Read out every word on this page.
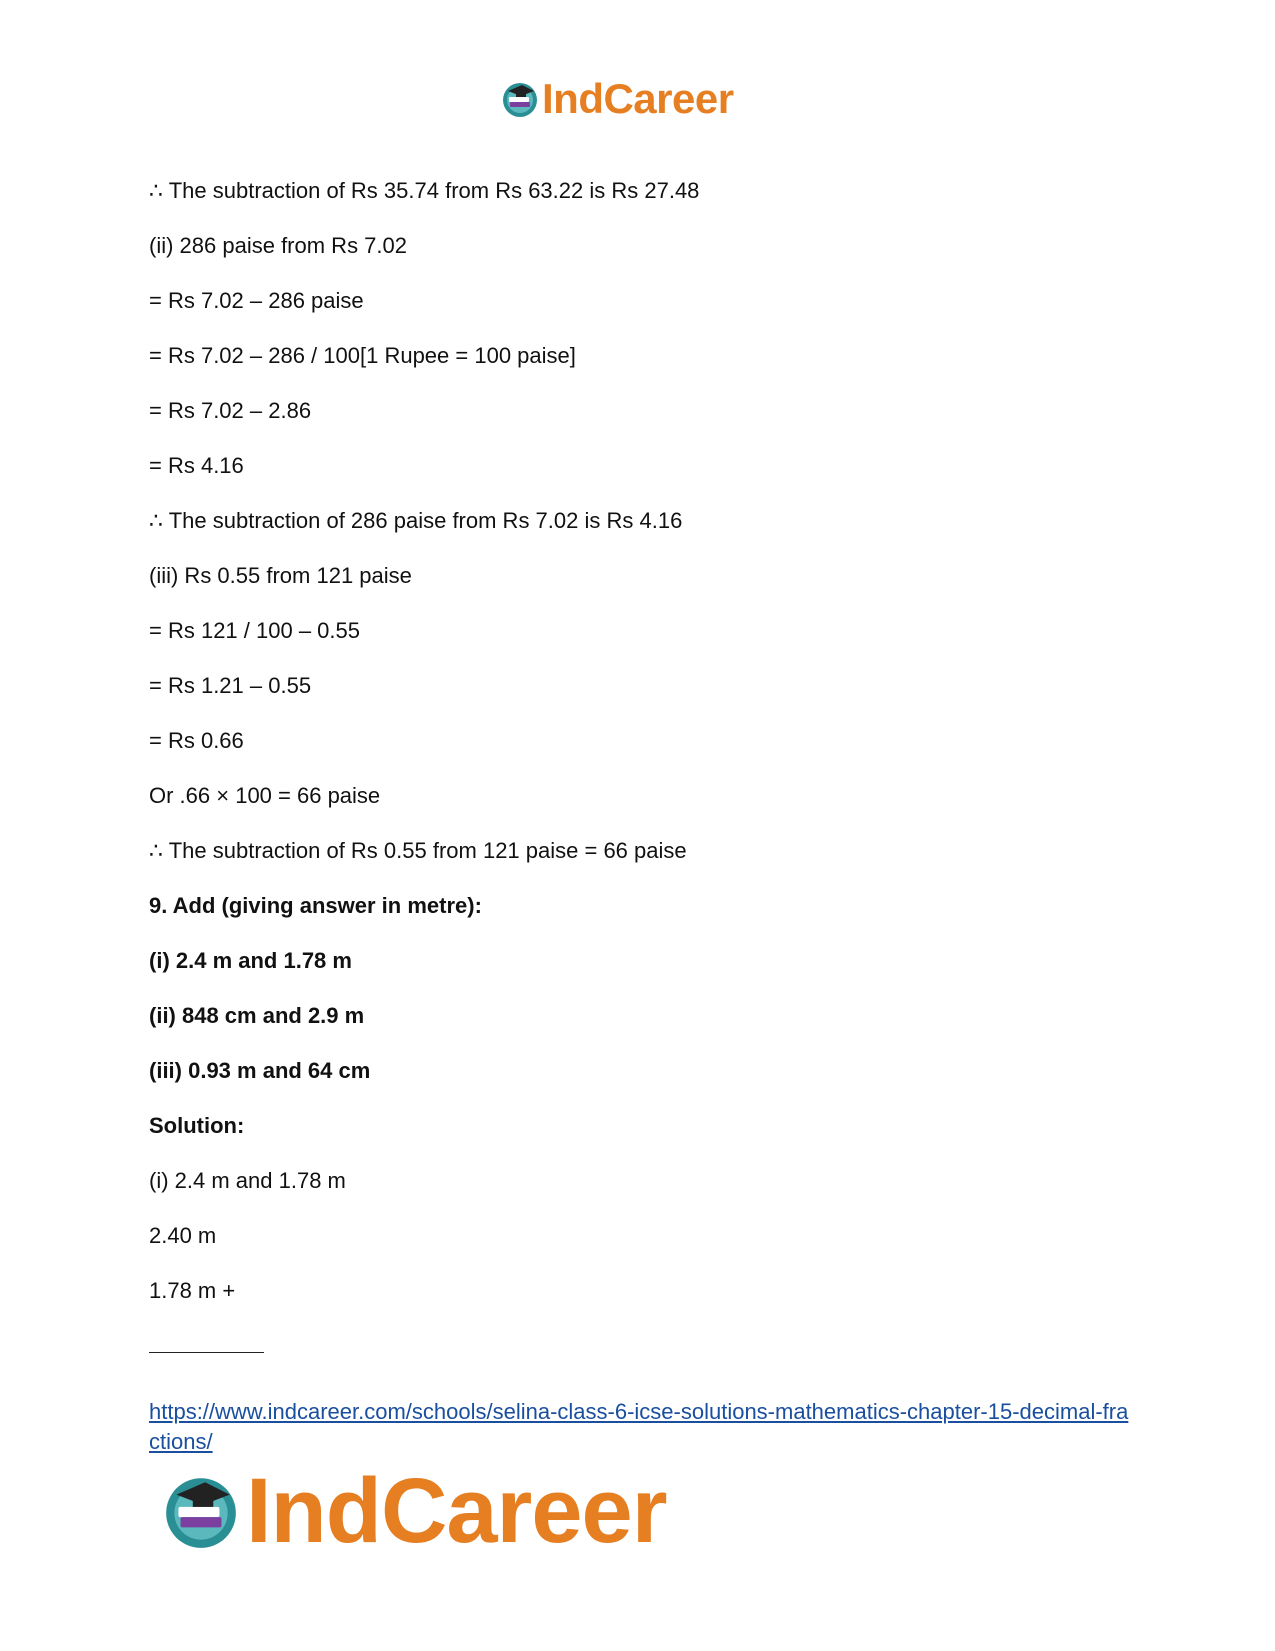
IndCareer
∴ The subtraction of Rs 35.74 from Rs 63.22 is Rs 27.48
(ii) 286 paise from Rs 7.02
= Rs 7.02 – 286 paise
= Rs 7.02 – 286 / 100[1 Rupee = 100 paise]
= Rs 7.02 – 2.86
= Rs 4.16
∴ The subtraction of 286 paise from Rs 7.02 is Rs 4.16
(iii) Rs 0.55 from 121 paise
= Rs 121 / 100 – 0.55
= Rs 1.21 – 0.55
= Rs 0.66
Or .66 × 100 = 66 paise
∴ The subtraction of Rs 0.55 from 121 paise = 66 paise
9. Add (giving answer in metre):
(i) 2.4 m and 1.78 m
(ii) 848 cm and 2.9 m
(iii) 0.93 m and 64 cm
Solution:
(i) 2.4 m and 1.78 m
2.40 m
1.78 m +
https://www.indcareer.com/schools/selina-class-6-icse-solutions-mathematics-chapter-15-decimal-fractions/
IndCareer
